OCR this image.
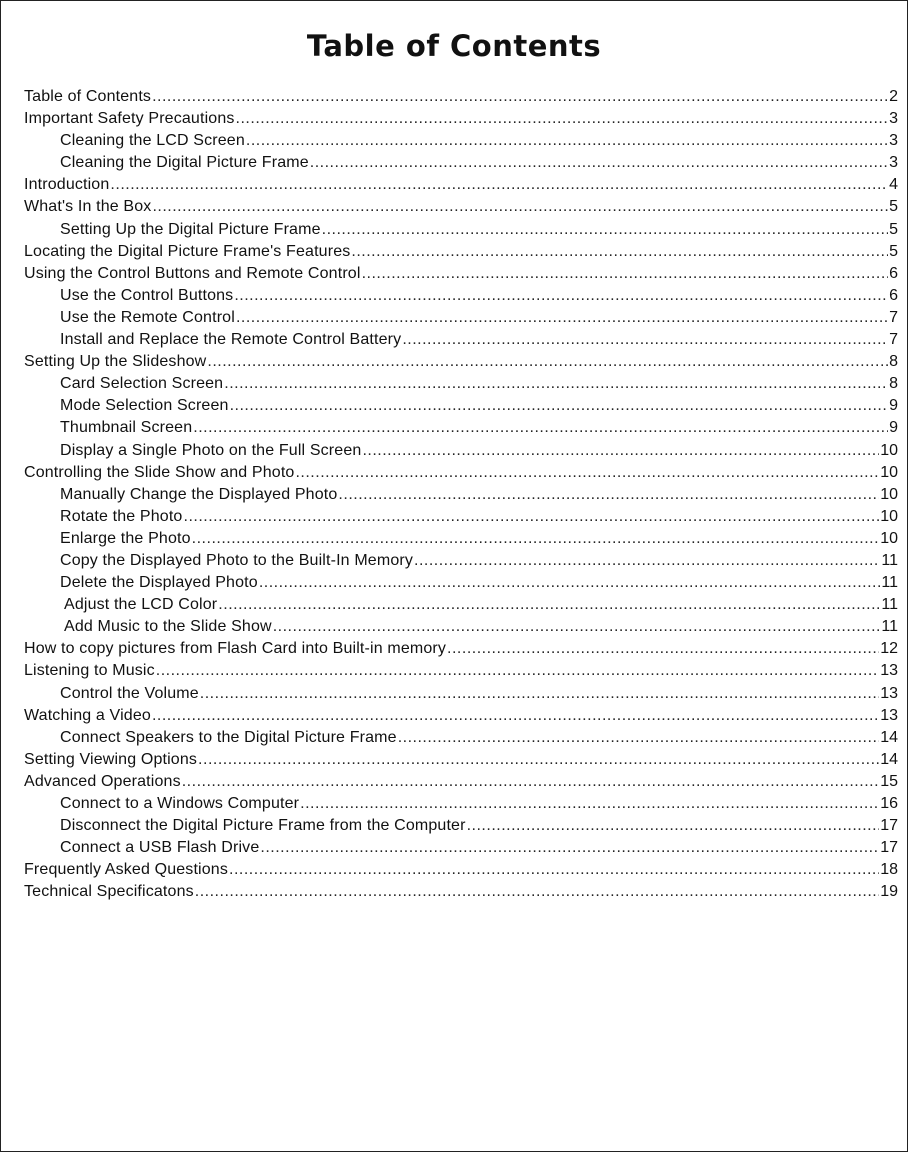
Table of Contents
Table of Contents .....	2
Important Safety Precautions .....	3
Cleaning the LCD Screen .....	3
Cleaning the Digital Picture Frame .....	3
Introduction .....	4
What's In the Box .....	5
Setting Up the Digital Picture Frame .....	5
Locating the Digital Picture Frame's Features .....	5
Using the Control Buttons and Remote Control .....	6
Use the Control Buttons .....	6
Use the Remote Control .....	7
Install and Replace the Remote Control Battery .....	7
Setting Up the Slideshow .....	8
Card Selection Screen .....	8
Mode Selection Screen .....	9
Thumbnail Screen .....	9
Display a Single Photo on the Full Screen .....	10
Controlling the Slide Show and Photo .....	10
Manually Change the Displayed Photo .....	10
Rotate the Photo .....	10
Enlarge the Photo .....	10
Copy the Displayed Photo to the Built-In Memory .....	11
Delete the Displayed Photo .....	11
Adjust the LCD Color .....	11
Add Music to the Slide Show .....	11
How to copy pictures from Flash Card into Built-in memory .....	12
Listening to Music .....	13
Control the Volume .....	13
Watching a Video .....	13
Connect Speakers to the Digital Picture Frame .....	14
Setting Viewing Options .....	14
Advanced Operations .....	15
Connect to a Windows Computer .....	16
Disconnect the Digital Picture Frame from the Computer .....	17
Connect a USB Flash Drive .....	17
Frequently Asked Questions .....	18
Technical Specificatons .....	19
